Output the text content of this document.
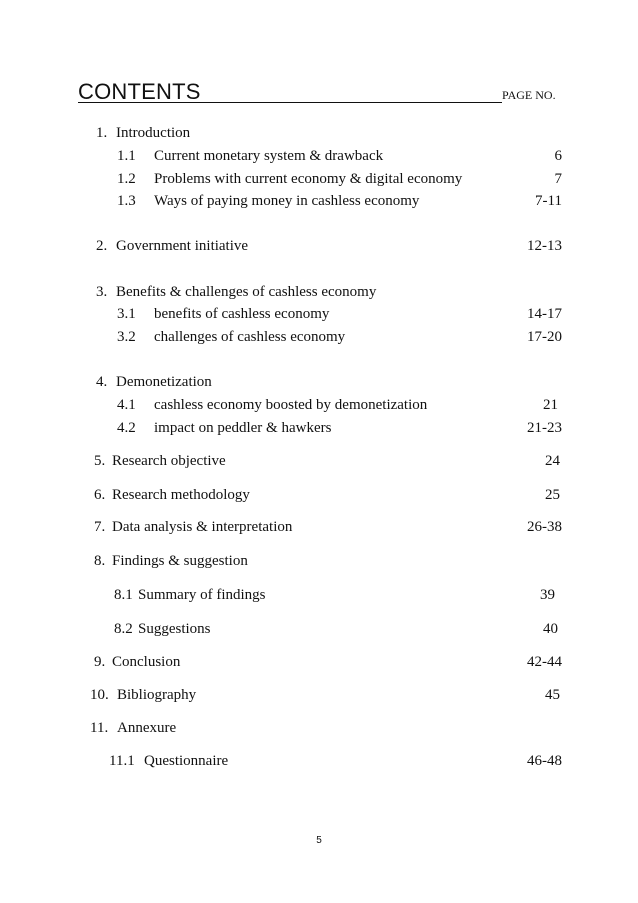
CONTENTS	PAGE NO.
1. Introduction
1.1 Current monetary system & drawback	6
1.2 Problems with current economy & digital economy	7
1.3 Ways of paying money in cashless economy	7-11
2. Government initiative	12-13
3. Benefits & challenges of cashless economy
3.1 benefits of cashless economy	14-17
3.2 challenges of cashless economy	17-20
4. Demonetization
4.1 cashless economy boosted by demonetization	21
4.2 impact on peddler & hawkers	21-23
5. Research objective	24
6. Research methodology	25
7. Data analysis & interpretation	26-38
8. Findings & suggestion
8.1 Summary of findings	39
8.2 Suggestions	40
9. Conclusion	42-44
10. Bibliography	45
11. Annexure
11.1 Questionnaire	46-48
5
